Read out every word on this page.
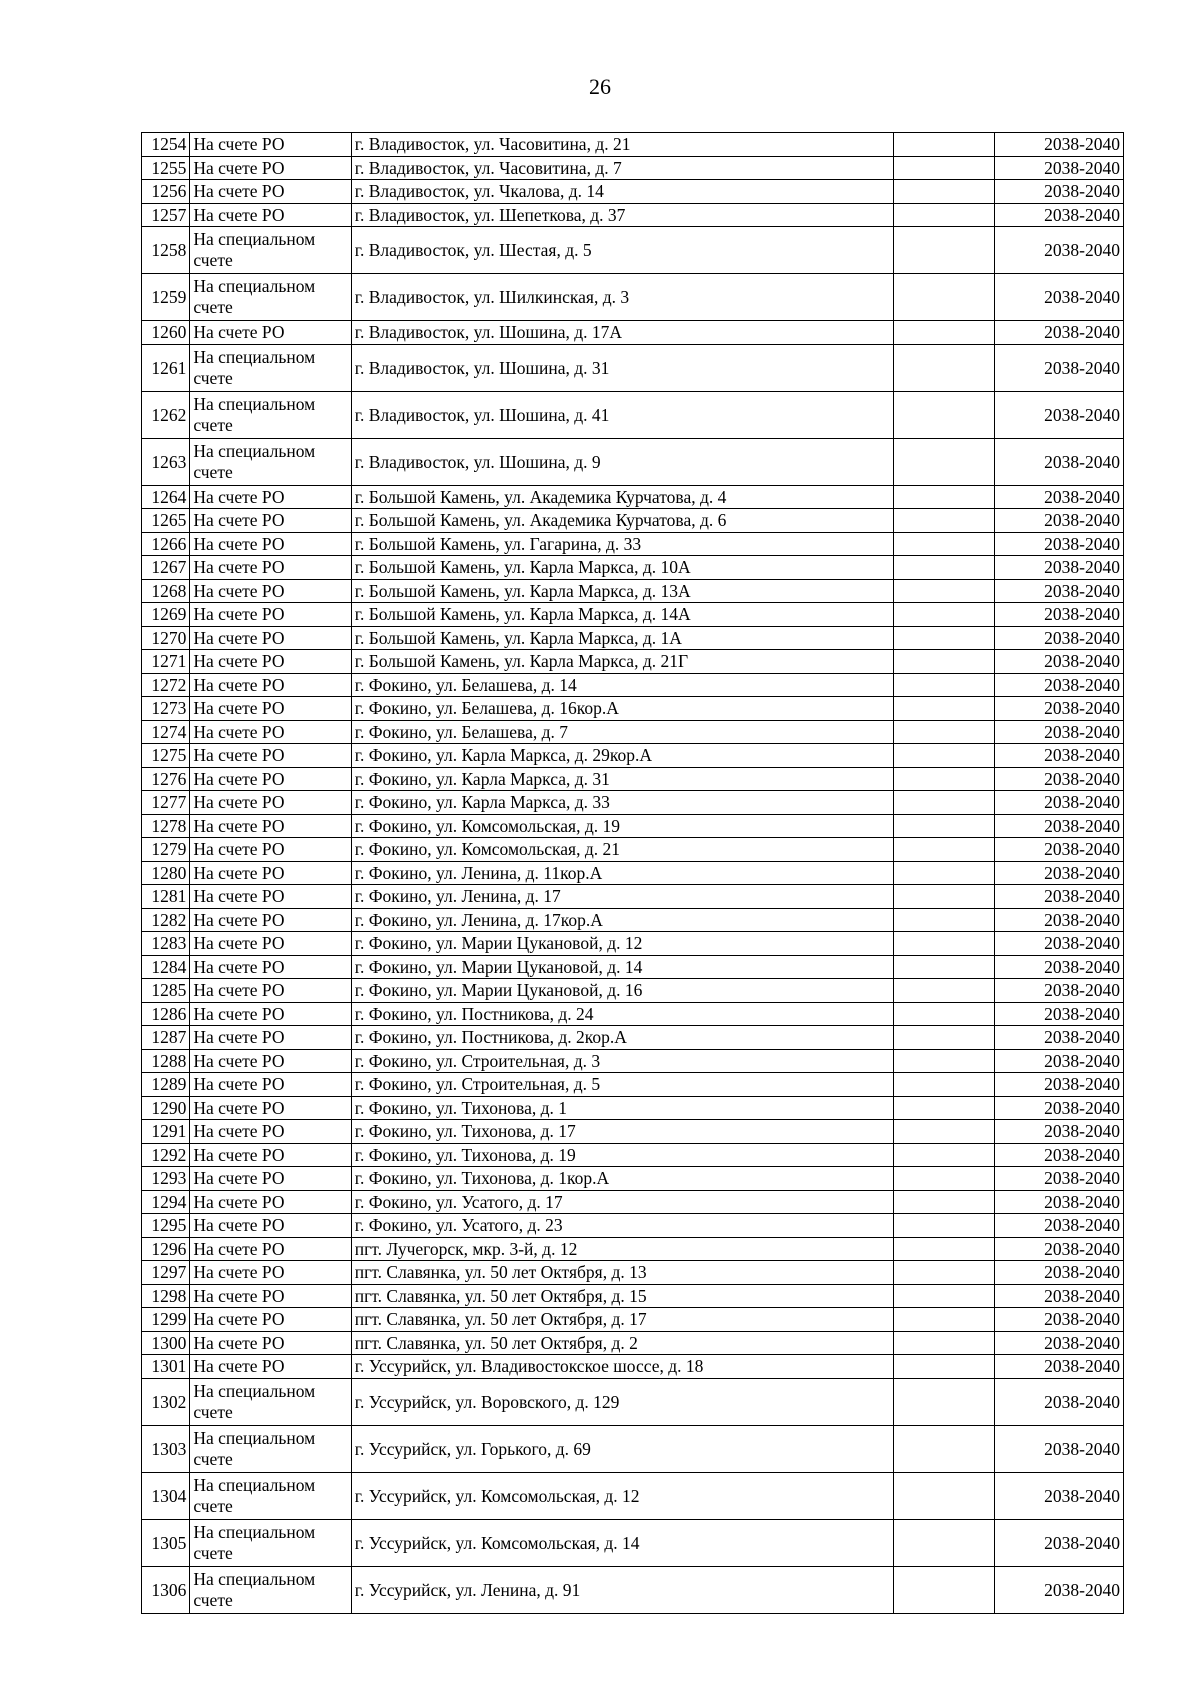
26
1254	На счете РО	г. Владивосток, ул. Часовитина, д. 21		2038-2040
1255	На счете РО	г. Владивосток, ул. Часовитина, д. 7		2038-2040
1256	На счете РО	г. Владивосток, ул. Чкалова, д. 14		2038-2040
1257	На счете РО	г. Владивосток, ул. Шепеткова, д. 37		2038-2040
1258	На специальном счете	г. Владивосток, ул. Шестая, д. 5		2038-2040
1259	На специальном счете	г. Владивосток, ул. Шилкинская, д. 3		2038-2040
1260	На счете РО	г. Владивосток, ул. Шошина, д. 17А		2038-2040
1261	На специальном счете	г. Владивосток, ул. Шошина, д. 31		2038-2040
1262	На специальном счете	г. Владивосток, ул. Шошина, д. 41		2038-2040
1263	На специальном счете	г. Владивосток, ул. Шошина, д. 9		2038-2040
1264	На счете РО	г. Большой Камень, ул. Академика Курчатова, д. 4		2038-2040
1265	На счете РО	г. Большой Камень, ул. Академика Курчатова, д. 6		2038-2040
1266	На счете РО	г. Большой Камень, ул. Гагарина, д. 33		2038-2040
1267	На счете РО	г. Большой Камень, ул. Карла Маркса, д. 10А		2038-2040
1268	На счете РО	г. Большой Камень, ул. Карла Маркса, д. 13А		2038-2040
1269	На счете РО	г. Большой Камень, ул. Карла Маркса, д. 14А		2038-2040
1270	На счете РО	г. Большой Камень, ул. Карла Маркса, д. 1А		2038-2040
1271	На счете РО	г. Большой Камень, ул. Карла Маркса, д. 21Г		2038-2040
1272	На счете РО	г. Фокино, ул. Белашева, д. 14		2038-2040
1273	На счете РО	г. Фокино, ул. Белашева, д. 16кор.А		2038-2040
1274	На счете РО	г. Фокино, ул. Белашева, д. 7		2038-2040
1275	На счете РО	г. Фокино, ул. Карла Маркса, д. 29кор.А		2038-2040
1276	На счете РО	г. Фокино, ул. Карла Маркса, д. 31		2038-2040
1277	На счете РО	г. Фокино, ул. Карла Маркса, д. 33		2038-2040
1278	На счете РО	г. Фокино, ул. Комсомольская, д. 19		2038-2040
1279	На счете РО	г. Фокино, ул. Комсомольская, д. 21		2038-2040
1280	На счете РО	г. Фокино, ул. Ленина, д. 11кор.А		2038-2040
1281	На счете РО	г. Фокино, ул. Ленина, д. 17		2038-2040
1282	На счете РО	г. Фокино, ул. Ленина, д. 17кор.А		2038-2040
1283	На счете РО	г. Фокино, ул. Марии Цукановой, д. 12		2038-2040
1284	На счете РО	г. Фокино, ул. Марии Цукановой, д. 14		2038-2040
1285	На счете РО	г. Фокино, ул. Марии Цукановой, д. 16		2038-2040
1286	На счете РО	г. Фокино, ул. Постникова, д. 24		2038-2040
1287	На счете РО	г. Фокино, ул. Постникова, д. 2кор.А		2038-2040
1288	На счете РО	г. Фокино, ул. Строительная, д. 3		2038-2040
1289	На счете РО	г. Фокино, ул. Строительная, д. 5		2038-2040
1290	На счете РО	г. Фокино, ул. Тихонова, д. 1		2038-2040
1291	На счете РО	г. Фокино, ул. Тихонова, д. 17		2038-2040
1292	На счете РО	г. Фокино, ул. Тихонова, д. 19		2038-2040
1293	На счете РО	г. Фокино, ул. Тихонова, д. 1кор.А		2038-2040
1294	На счете РО	г. Фокино, ул. Усатого, д. 17		2038-2040
1295	На счете РО	г. Фокино, ул. Усатого, д. 23		2038-2040
1296	На счете РО	пгт. Лучегорск, мкр. 3-й, д. 12		2038-2040
1297	На счете РО	пгт. Славянка, ул. 50 лет Октября, д. 13		2038-2040
1298	На счете РО	пгт. Славянка, ул. 50 лет Октября, д. 15		2038-2040
1299	На счете РО	пгт. Славянка, ул. 50 лет Октября, д. 17		2038-2040
1300	На счете РО	пгт. Славянка, ул. 50 лет Октября, д. 2		2038-2040
1301	На счете РО	г. Уссурийск, ул. Владивостокское шоссе, д. 18		2038-2040
1302	На специальном счете	г. Уссурийск, ул. Воровского, д. 129		2038-2040
1303	На специальном счете	г. Уссурийск, ул. Горького, д. 69		2038-2040
1304	На специальном счете	г. Уссурийск, ул. Комсомольская, д. 12		2038-2040
1305	На специальном счете	г. Уссурийск, ул. Комсомольская, д. 14		2038-2040
1306	На специальном счете	г. Уссурийск, ул. Ленина, д. 91		2038-2040
